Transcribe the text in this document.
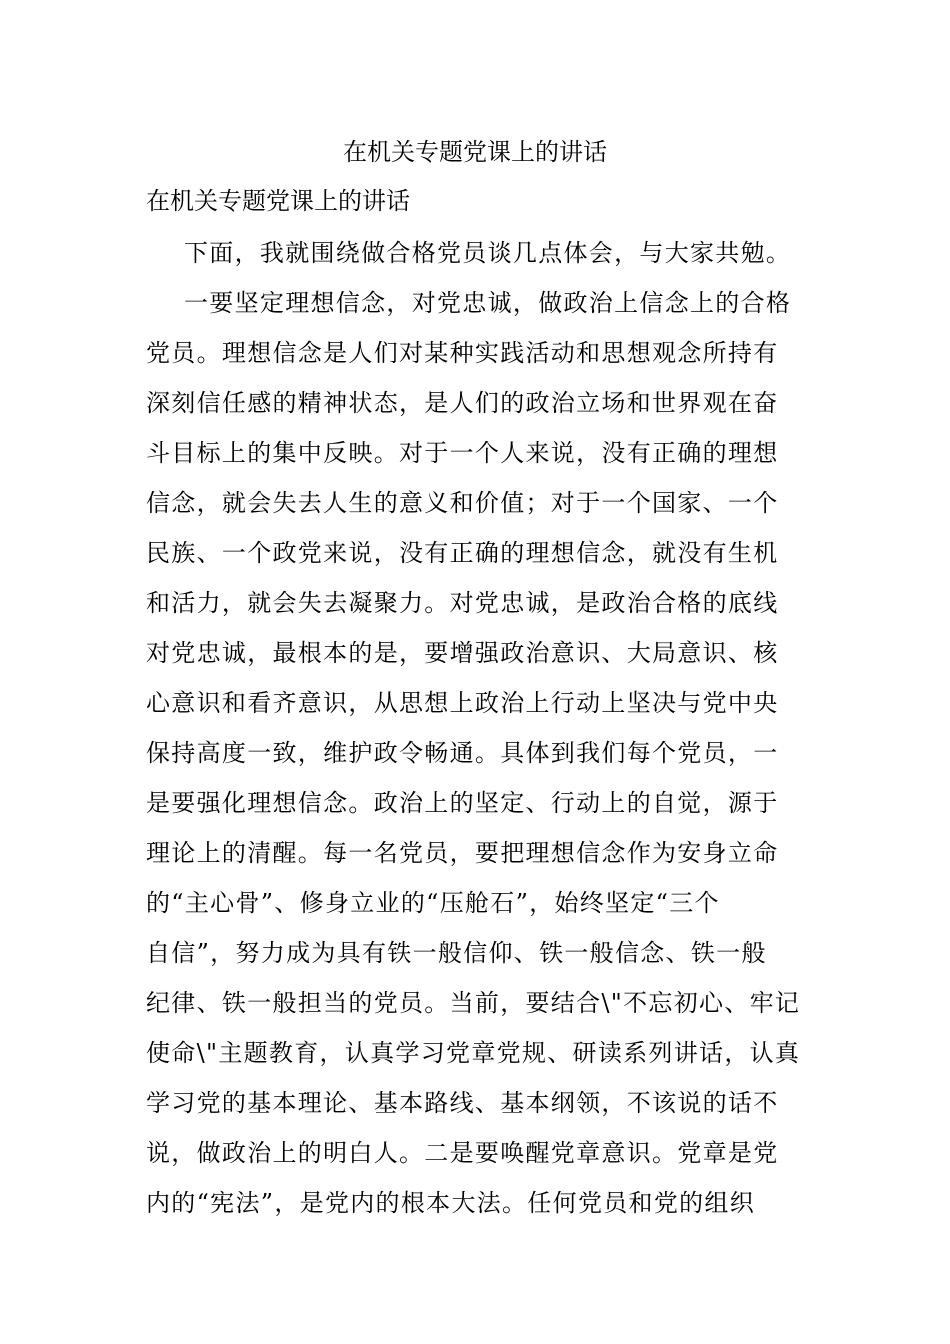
在机关专题党课上的讲话
在机关专题党课上的讲话
下面，我就围绕做合格党员谈几点体会，与大家共勉。
一要坚定理想信念，对党忠诚，做政治上信念上的合格
党员。理想信念是人们对某种实践活动和思想观念所持有
深刻信任感的精神状态，是人们的政治立场和世界观在奋
斗目标上的集中反映。对于一个人来说，没有正确的理想
信念，就会失去人生的意义和价值；对于一个国家、一个
民族、一个政党来说，没有正确的理想信念，就没有生机
和活力，就会失去凝聚力。对党忠诚，是政治合格的底线
对党忠诚，最根本的是，要增强政治意识、大局意识、核
心意识和看齐意识，从思想上政治上行动上坚决与党中央
保持高度一致，维护政令畅通。具体到我们每个党员，一
是要强化理想信念。政治上的坚定、行动上的自觉，源于
理论上的清醒。每一名党员，要把理想信念作为安身立命
的“主心骨”、修身立业的“压舱石”，始终坚定“三个
自信”，努力成为具有铁一般信仰、铁一般信念、铁一般
纪律、铁一般担当的党员。当前，要结合\"不忘初心、牢记
使命\"主题教育，认真学习党章党规、研读系列讲话，认真
学习党的基本理论、基本路线、基本纲领，不该说的话不
说，做政治上的明白人。二是要唤醒党章意识。党章是党
内的“宪法”，是党内的根本大法。任何党员和党的组织
